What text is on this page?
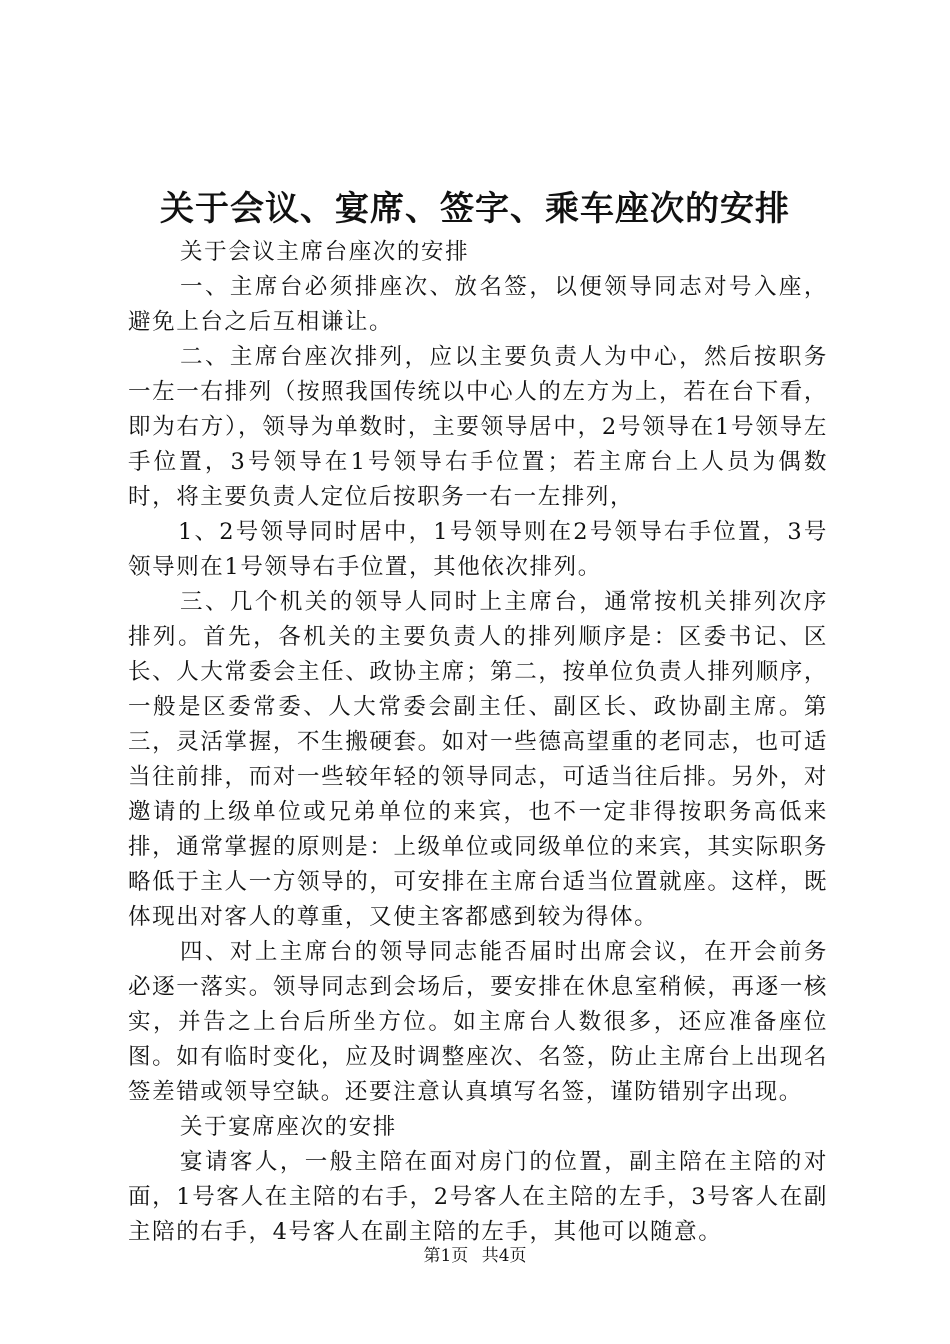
关于会议、宴席、签字、乘车座次的安排

关于会议主席台座次的安排

一、主席台必须排座次、放名签，以便领导同志对号入座，避免上台之后互相谦让。

二、主席台座次排列，应以主要负责人为中心，然后按职务一左一右排列（按照我国传统以中心人的左方为上，若在台下看，即为右方），领导为单数时，主要领导居中，2号领导在1号领导左手位置，3号领导在1号领导右手位置；若主席台上人员为偶数时，将主要负责人定位后按职务一右一左排列，

1、2号领导同时居中，1号领导则在2号领导右手位置，3号领导则在1号领导右手位置，其他依次排列。

三、几个机关的领导人同时上主席台，通常按机关排列次序排列。首先，各机关的主要负责人的排列顺序是：区委书记、区长、人大常委会主任、政协主席；第二，按单位负责人排列顺序，一般是区委常委、人大常委会副主任、副区长、政协副主席。第三，灵活掌握，不生搬硬套。如对一些德高望重的老同志，也可适当往前排，而对一些较年轻的领导同志，可适当往后排。另外，对邀请的上级单位或兄弟单位的来宾，也不一定非得按职务高低来排，通常掌握的原则是：上级单位或同级单位的来宾，其实际职务略低于主人一方领导的，可安排在主席台适当位置就座。这样，既体现出对客人的尊重，又使主客都感到较为得体。

四、对上主席台的领导同志能否届时出席会议，在开会前务必逐一落实。领导同志到会场后，要安排在休息室稍候，再逐一核实，并告之上台后所坐方位。如主席台人数很多，还应准备座位图。如有临时变化，应及时调整座次、名签，防止主席台上出现名签差错或领导空缺。还要注意认真填写名签，谨防错别字出现。

关于宴席座次的安排

宴请客人，一般主陪在面对房门的位置，副主陪在主陪的对面，1号客人在主陪的右手，2号客人在主陪的左手，3号客人在副主陪的右手，4号客人在副主陪的左手，其他可以随意。

第1页 共4页
